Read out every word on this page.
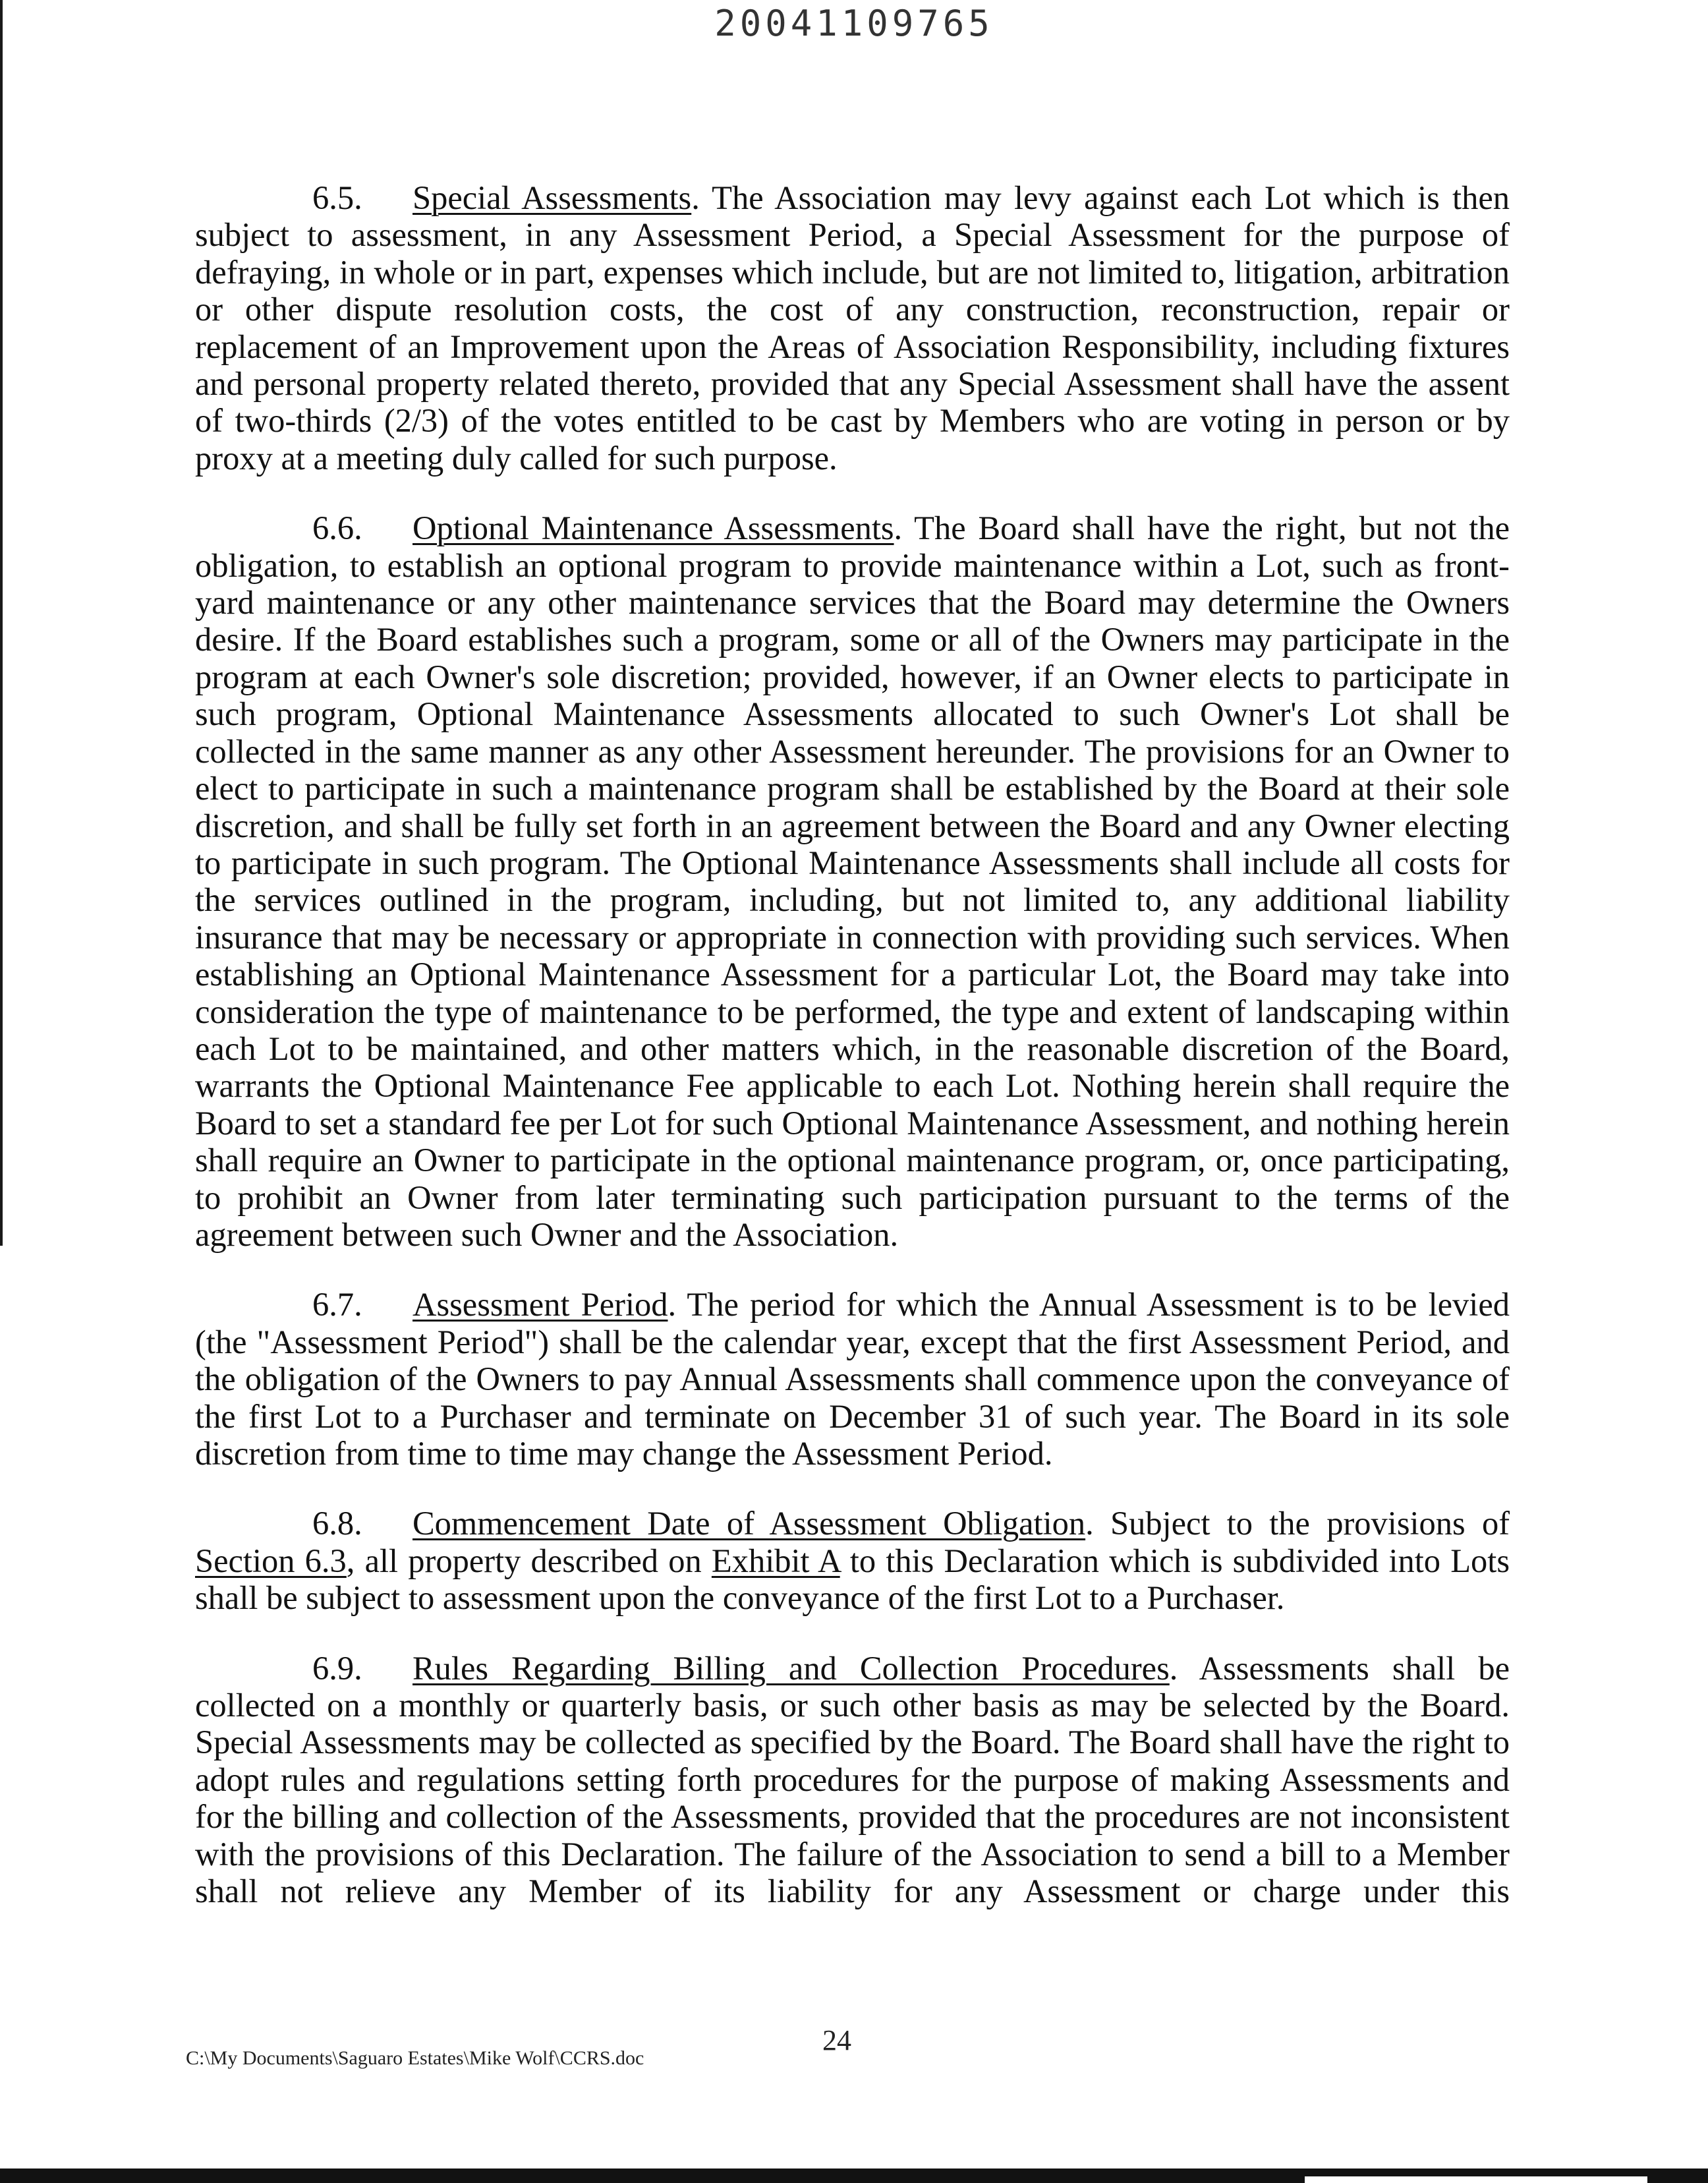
20041109765

6.5. Special Assessments. The Association may levy against each Lot which is then subject to assessment, in any Assessment Period, a Special Assessment for the purpose of defraying, in whole or in part, expenses which include, but are not limited to, litigation, arbitration or other dispute resolution costs, the cost of any construction, reconstruction, repair or replacement of an Improvement upon the Areas of Association Responsibility, including fixtures and personal property related thereto, provided that any Special Assessment shall have the assent of two-thirds (2/3) of the votes entitled to be cast by Members who are voting in person or by proxy at a meeting duly called for such purpose.

6.6. Optional Maintenance Assessments. The Board shall have the right, but not the obligation, to establish an optional program to provide maintenance within a Lot, such as front-yard maintenance or any other maintenance services that the Board may determine the Owners desire. If the Board establishes such a program, some or all of the Owners may participate in the program at each Owner's sole discretion; provided, however, if an Owner elects to participate in such program, Optional Maintenance Assessments allocated to such Owner's Lot shall be collected in the same manner as any other Assessment hereunder. The provisions for an Owner to elect to participate in such a maintenance program shall be established by the Board at their sole discretion, and shall be fully set forth in an agreement between the Board and any Owner electing to participate in such program. The Optional Maintenance Assessments shall include all costs for the services outlined in the program, including, but not limited to, any additional liability insurance that may be necessary or appropriate in connection with providing such services. When establishing an Optional Maintenance Assessment for a particular Lot, the Board may take into consideration the type of maintenance to be performed, the type and extent of landscaping within each Lot to be maintained, and other matters which, in the reasonable discretion of the Board, warrants the Optional Maintenance Fee applicable to each Lot. Nothing herein shall require the Board to set a standard fee per Lot for such Optional Maintenance Assessment, and nothing herein shall require an Owner to participate in the optional maintenance program, or, once participating, to prohibit an Owner from later terminating such participation pursuant to the terms of the agreement between such Owner and the Association.

6.7. Assessment Period. The period for which the Annual Assessment is to be levied (the "Assessment Period") shall be the calendar year, except that the first Assessment Period, and the obligation of the Owners to pay Annual Assessments shall commence upon the conveyance of the first Lot to a Purchaser and terminate on December 31 of such year. The Board in its sole discretion from time to time may change the Assessment Period.

6.8. Commencement Date of Assessment Obligation. Subject to the provisions of Section 6.3, all property described on Exhibit A to this Declaration which is subdivided into Lots shall be subject to assessment upon the conveyance of the first Lot to a Purchaser.

6.9. Rules Regarding Billing and Collection Procedures. Assessments shall be collected on a monthly or quarterly basis, or such other basis as may be selected by the Board. Special Assessments may be collected as specified by the Board. The Board shall have the right to adopt rules and regulations setting forth procedures for the purpose of making Assessments and for the billing and collection of the Assessments, provided that the procedures are not inconsistent with the provisions of this Declaration. The failure of the Association to send a bill to a Member shall not relieve any Member of its liability for any Assessment or charge under this

C:\My Documents\Saguaro Estates\Mike Wolf\CCRS.doc
24
